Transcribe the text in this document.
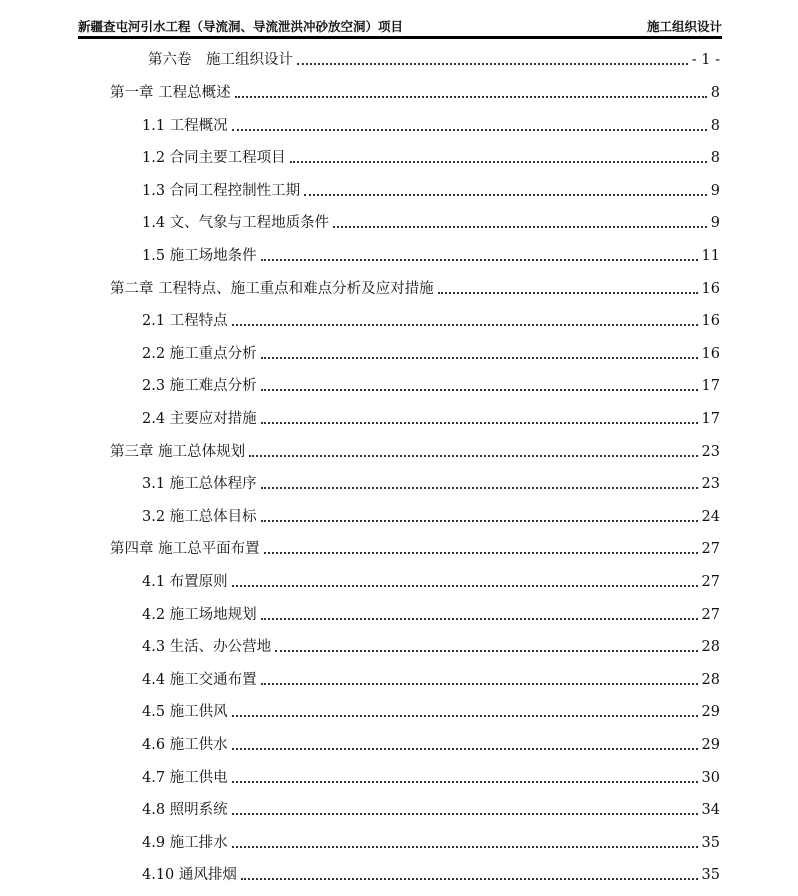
新疆查屯河引水工程（导流洞、导流泄洪冲砂放空洞）项目	施工组织设计
第六卷　施工组织设计	- 1 -
第一章 工程总概述	8
1.1 工程概况	8
1.2 合同主要工程项目	8
1.3 合同工程控制性工期	9
1.4 文、气象与工程地质条件	9
1.5 施工场地条件	11
第二章 工程特点、施工重点和难点分析及应对措施	16
2.1 工程特点	16
2.2 施工重点分析	16
2.3 施工难点分析	17
2.4 主要应对措施	17
第三章 施工总体规划	23
3.1 施工总体程序	23
3.2 施工总体目标	24
第四章 施工总平面布置	27
4.1 布置原则	27
4.2 施工场地规划	27
4.3 生活、办公营地	28
4.4 施工交通布置	28
4.5 施工供风	29
4.6 施工供水	29
4.7 施工供电	30
4.8 照明系统	34
4.9 施工排水	35
4.10 通风排烟	35
